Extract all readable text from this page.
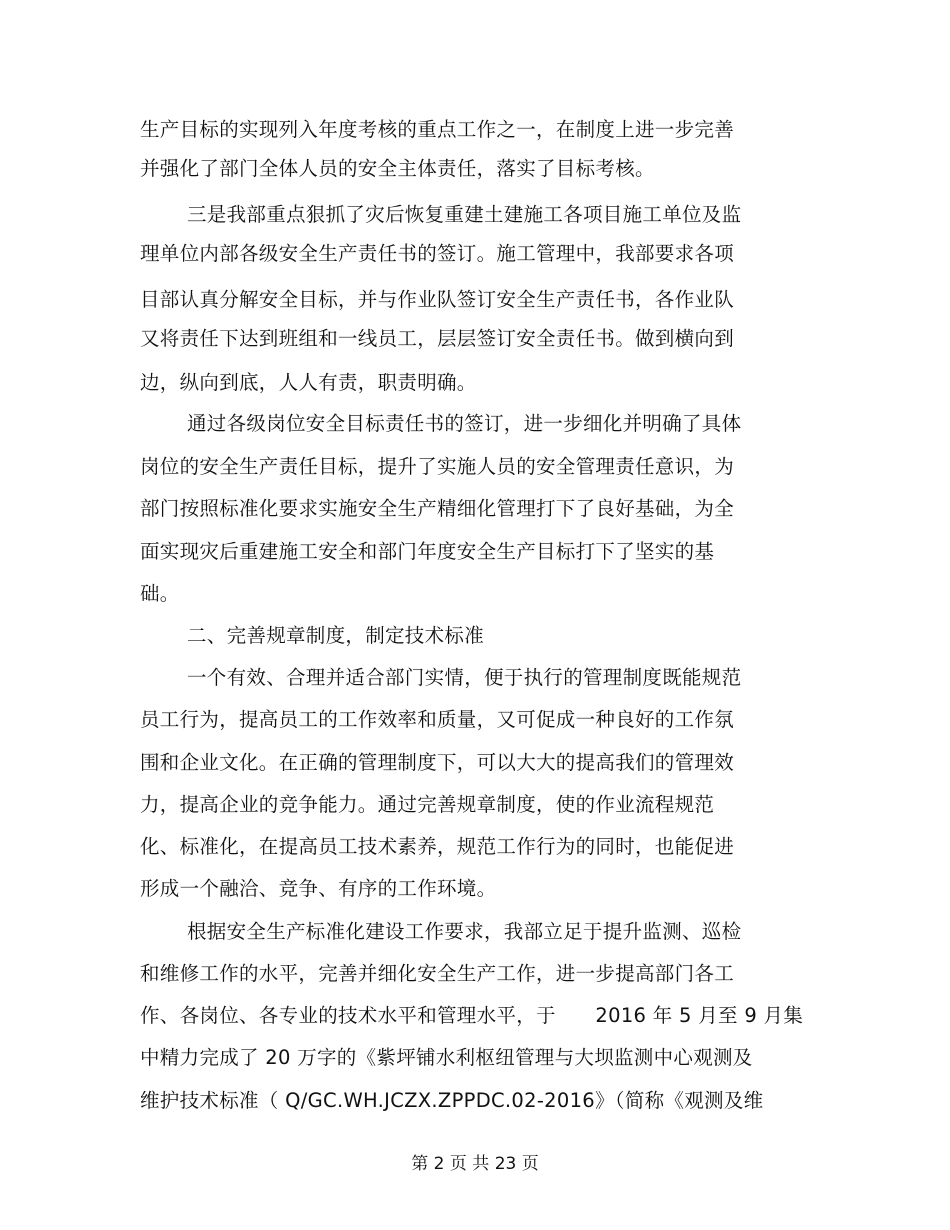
生产目标的实现列入年度考核的重点工作之一，在制度上进一步完善
并强化了部门全体人员的安全主体责任，落实了目标考核。
三是我部重点狠抓了灾后恢复重建土建施工各项目施工单位及监
理单位内部各级安全生产责任书的签订。施工管理中，我部要求各项
目部认真分解安全目标，并与作业队签订安全生产责任书，各作业队
又将责任下达到班组和一线员工，层层签订安全责任书。做到横向到
边，纵向到底，人人有责，职责明确。
通过各级岗位安全目标责任书的签订，进一步细化并明确了具体
岗位的安全生产责任目标，提升了实施人员的安全管理责任意识，为
部门按照标准化要求实施安全生产精细化管理打下了良好基础，为全
面实现灾后重建施工安全和部门年度安全生产目标打下了坚实的基
础。
二、完善规章制度，制定技术标准
一个有效、合理并适合部门实情，便于执行的管理制度既能规范
员工行为，提高员工的工作效率和质量，又可促成一种良好的工作氛
围和企业文化。在正确的管理制度下，可以大大的提高我们的管理效
力，提高企业的竞争能力。通过完善规章制度，使的作业流程规范
化、标准化，在提高员工技术素养，规范工作行为的同时，也能促进
形成一个融洽、竞争、有序的工作环境。
根据安全生产标准化建设工作要求，我部立足于提升监测、巡检
和维修工作的水平，完善并细化安全生产工作，进一步提高部门各工
作、各岗位、各专业的技术水平和管理水平，于　　2016 年 5 月至 9 月集
中精力完成了 20 万字的《紫坪铺水利枢纽管理与大坝监测中心观测及
维护技术标准（ Q/GC.WH.JCZX.ZPPDC.02-2016》（简称《观测及维
第 2 页 共 23 页
